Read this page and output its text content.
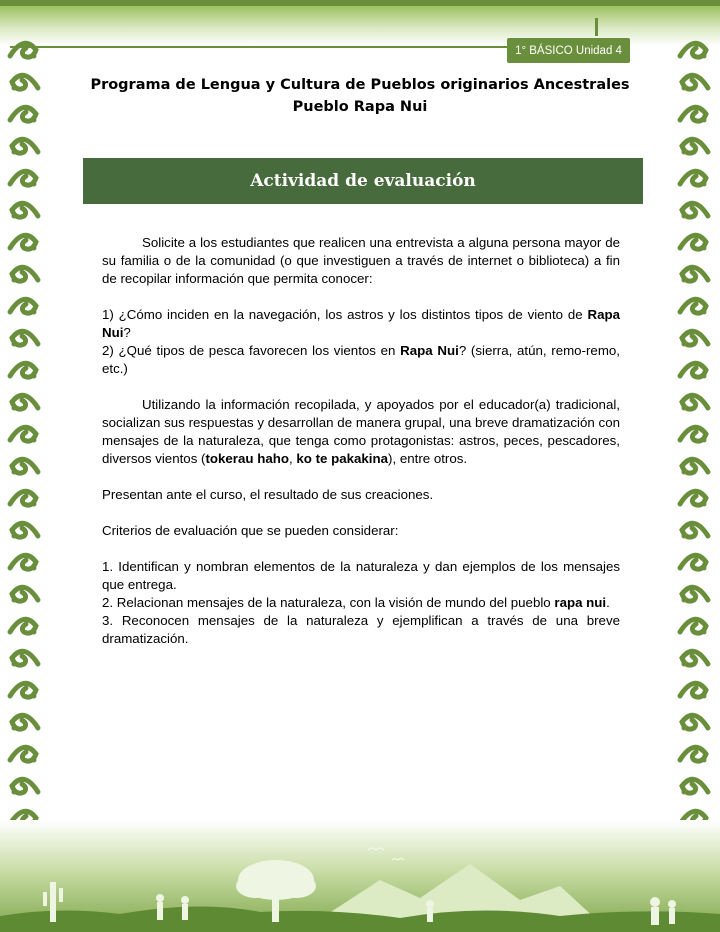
1° BÁSICO Unidad 4
Programa de Lengua y Cultura de Pueblos originarios Ancestrales
Pueblo Rapa Nui
Actividad de evaluación

Solicite a los estudiantes que realicen una entrevista a alguna persona mayor de su familia o de la comunidad (o que investiguen a través de internet o biblioteca) a fin de recopilar información que permita conocer:

1) ¿Cómo inciden en la navegación, los astros y los distintos tipos de viento de Rapa Nui?

2) ¿Qué tipos de pesca favorecen los vientos en Rapa Nui? (sierra, atún, remo-remo, etc.)

Utilizando la información recopilada, y apoyados por el educador(a) tradicional, socializan sus respuestas y desarrollan de manera grupal, una breve dramatización con mensajes de la naturaleza, que tenga como protagonistas: astros, peces, pescadores, diversos vientos (tokerau haho, ko te pakakina), entre otros.

Presentan ante el curso, el resultado de sus creaciones.

Criterios de evaluación que se pueden considerar:

1. Identifican y nombran elementos de la naturaleza y dan ejemplos de los mensajes que entrega.

2. Relacionan mensajes de la naturaleza, con la visión de mundo del pueblo rapa nui.

3. Reconocen mensajes de la naturaleza y ejemplifican a través de una breve dramatización.
